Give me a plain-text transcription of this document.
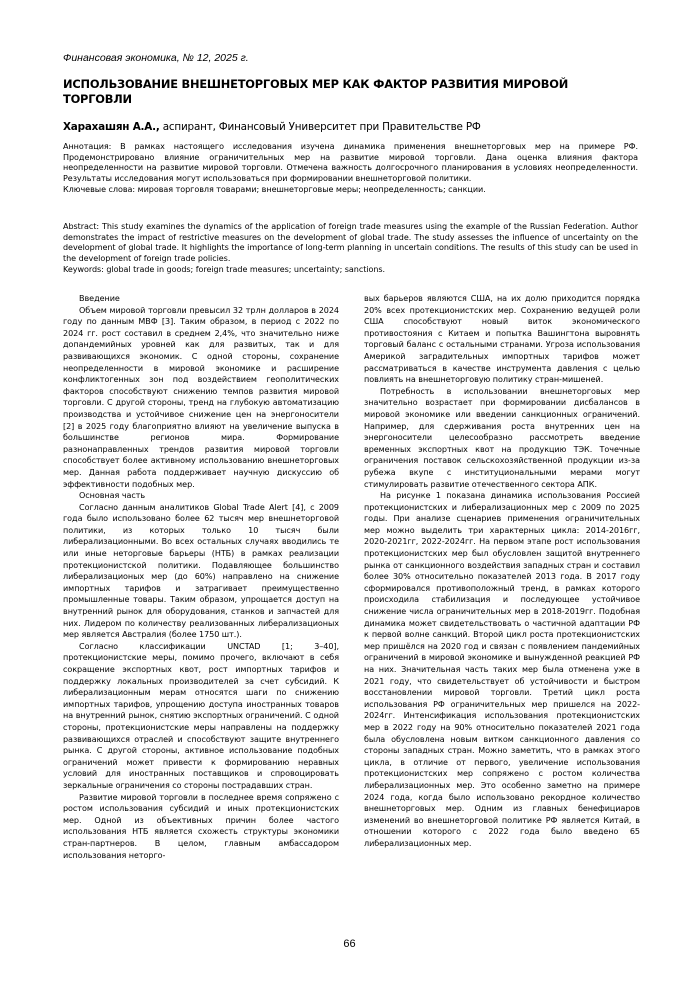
Финансовая экономика, № 12, 2025 г.
ИСПОЛЬЗОВАНИЕ ВНЕШНЕТОРГОВЫХ МЕР КАК ФАКТОР РАЗВИТИЯ МИРОВОЙ ТОРГОВЛИ
Харахашян А.А., аспирант, Финансовый Университет при Правительстве РФ

Аннотация: В рамках настоящего исследования изучена динамика применения внешнеторговых мер на примере РФ. Продемонстрировано влияние ограничительных мер на развитие мировой торговли. Дана оценка влияния фактора неопределенности на развитие мировой торговли. Отмечена важность долгосрочного планирования в условиях неопределенности. Результаты исследования могут использоваться при формировании внешнеторговой политики.

Ключевые слова: мировая торговля товарами; внешнеторговые меры; неопределенность; санкции.

Abstract: This study examines the dynamics of the application of foreign trade measures using the example of the Russian Federation. Author demonstrates the impact of restrictive measures on the development of global trade. The study assesses the influence of uncertainty on the development of global trade. It highlights the importance of long-term planning in uncertain conditions. The results of this study can be used in the development of foreign trade policies.

Keywords: global trade in goods; foreign trade measures; uncertainty; sanctions.

Введение

Объем мировой торговли превысил 32 трлн долларов в 2024 году по данным МВФ [3]. Таким образом, в период с 2022 по 2024 гг. рост составил в среднем 2,4%, что значительно ниже допандемийных уровней как для развитых, так и для развивающихся экономик. С одной стороны, сохранение неопределенности в мировой экономике и расширение конфликтогенных зон под воздействием геополитических факторов способствуют снижению темпов развития мировой торговли. С другой стороны, тренд на глубокую автоматизацию производства и устойчивое снижение цен на энергоносители [2] в 2025 году благоприятно влияют на увеличение выпуска в большинстве регионов мира. Формирование разнонаправленных трендов развития мировой торговли способствует более активному использованию внешнеторговых мер. Данная работа поддерживает научную дискуссию об эффективности подобных мер.

Основная часть

Согласно данным аналитиков Global Trade Alert [4], с 2009 года было использовано более 62 тысяч мер внешнеторговой политики, из которых только 10 тысяч были либерализационными. Во всех остальных случаях вводились те или иные неторговые барьеры (НТБ) в рамках реализации протекционистской политики. Подавляющее большинство либерализационых мер (до 60%) направлено на снижение импортных тарифов и затрагивает преимущественно промышленные товары. Таким образом, упрощается доступ на внутренний рынок для оборудования, станков и запчастей для них. Лидером по количеству реализованных либерализационых мер является Австралия (более 1750 шт.).

Согласно классификации UNCTAD [1; 3–40], протекционистские меры, помимо прочего, включают в себя сокращение экспортных квот, рост импортных тарифов и поддержку локальных производителей за счет субсидий. К либерализационным мерам относятся шаги по снижению импортных тарифов, упрощению доступа иностранных товаров на внутренний рынок, снятию экспортных ограничений. С одной стороны, протекционистские меры направлены на поддержку развивающихся отраслей и способствуют защите внутреннего рынка. С другой стороны, активное использование подобных ограничений может привести к формированию неравных условий для иностранных поставщиков и спровоцировать зеркальные ограничения со стороны пострадавших стран.

Развитие мировой торговли в последнее время сопряжено с ростом использования субсидий и иных протекционистских мер. Одной из объективных причин более частого использования НТБ является схожесть структуры экономики стран-партнеров. В целом, главным амбассадором использования неторго-

вых барьеров являются США, на их долю приходится порядка 20% всех протекционистских мер. Сохранению ведущей роли США способствуют новый виток экономического противостояния с Китаем и попытка Вашингтона выровнять торговый баланс с остальными странами. Угроза использования Америкой заградительных импортных тарифов может рассматриваться в качестве инструмента давления с целью повлиять на внешнеторговую политику стран-мишеней.

Потребность в использовании внешнеторговых мер значительно возрастает при формировании дисбалансов в мировой экономике или введении санкционных ограничений. Например, для сдерживания роста внутренних цен на энергоносители целесообразно рассмотреть введение временных экспортных квот на продукцию ТЭК. Точечные ограничения поставок сельскохозяйственной продукции из-за рубежа вкупе с институциональными мерами могут стимулировать развитие отечественного сектора АПК.

На рисунке 1 показана динамика использования Россией протекционистских и либерализационных мер с 2009 по 2025 годы. При анализе сценариев применения ограничительных мер можно выделить три характерных цикла: 2014-2016гг, 2020-2021гг, 2022-2024гг. На первом этапе рост использования протекционистских мер был обусловлен защитой внутреннего рынка от санкционного воздействия западных стран и составил более 30% относительно показателей 2013 года. В 2017 году сформировался противоположный тренд, в рамках которого происходила стабилизация и последующее устойчивое снижение числа ограничительных мер в 2018-2019гг. Подобная динамика может свидетельствовать о частичной адаптации РФ к первой волне санкций. Второй цикл роста протекционистских мер пришёлся на 2020 год и связан с появлением пандемийных ограничений в мировой экономике и вынужденной реакцией РФ на них. Значительная часть таких мер была отменена уже в 2021 году, что свидетельствует об устойчивости и быстром восстановлении мировой торговли. Третий цикл роста использования РФ ограничительных мер пришелся на 2022-2024гг. Интенсификация использования протекционистских мер в 2022 году на 90% относительно показателей 2021 года была обусловлена новым витком санкционного давления со стороны западных стран. Можно заметить, что в рамках этого цикла, в отличие от первого, увеличение использования протекционистских мер сопряжено с ростом количества либерализационных мер. Это особенно заметно на примере 2024 года, когда было использовано рекордное количество внешнеторговых мер. Одним из главных бенефициаров изменений во внешнеторговой политике РФ является Китай, в отношении которого с 2022 года было введено 65 либерализационных мер.

66
